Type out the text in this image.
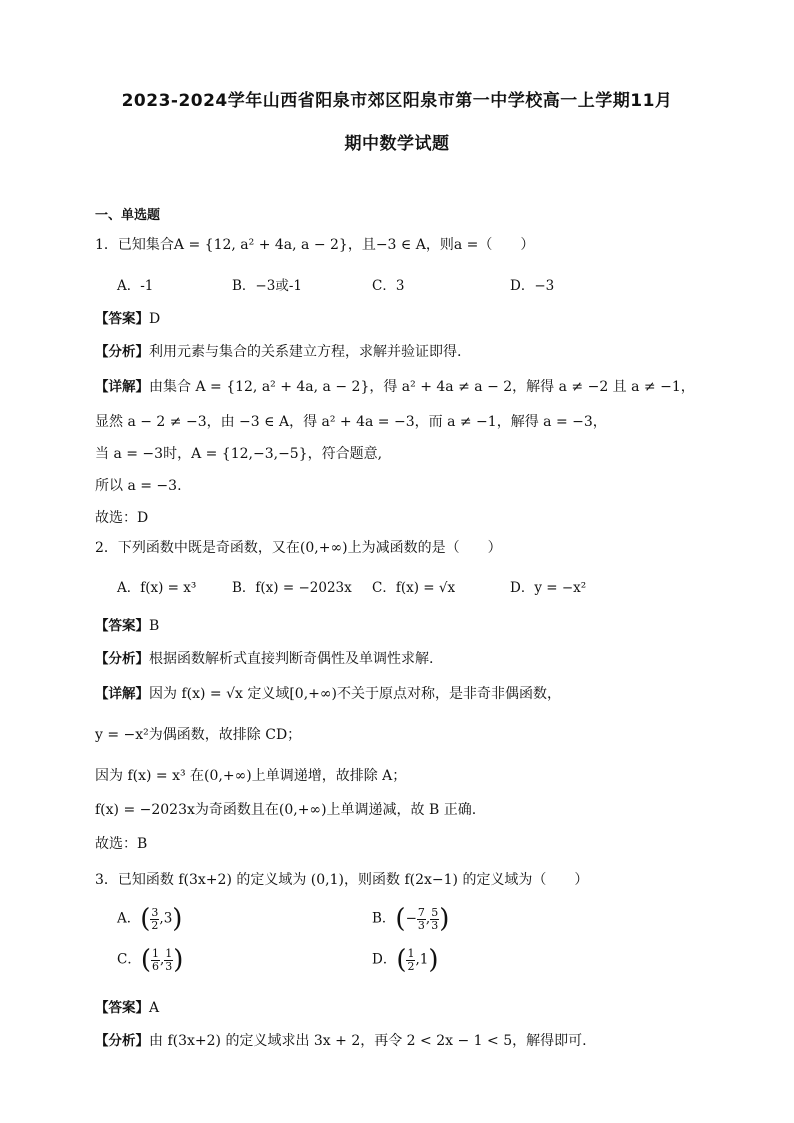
2023-2024学年山西省阳泉市郊区阳泉市第一中学校高一上学期11月
期中数学试题
一、单选题
1．已知集合A = {12, a² + 4a, a − 2}，且−3 ∈ A，则a =（　　）
A．-1	B．−3或-1	C．3	D．−3
【答案】D
【分析】利用元素与集合的关系建立方程，求解并验证即得.
【详解】由集合 A = {12, a² + 4a, a − 2}，得 a² + 4a ≠ a − 2，解得 a ≠ −2 且 a ≠ −1，
显然 a − 2 ≠ −3，由 −3 ∈ A，得 a² + 4a = −3，而 a ≠ −1，解得 a = −3，
当 a = −3时，A = {12,−3,−5}，符合题意,
所以 a = −3.
故选：D
2．下列函数中既是奇函数，又在(0,+∞)上为减函数的是（　　）
A．f(x) = x³	B．f(x) = −2023x C．f(x) = √x	D．y = −x²
【答案】B
【分析】根据函数解析式直接判断奇偶性及单调性求解.
【详解】因为 f(x) = √x 定义域[0,+∞)不关于原点对称，是非奇非偶函数，
y = −x²为偶函数，故排除 CD；
因为 f(x) = x³ 在(0,+∞)上单调递增，故排除 A；
f(x) = −2023x为奇函数且在(0,+∞)上单调递减，故 B 正确.
故选：B
3．已知函数 f(3x+2) 的定义域为 (0,1)，则函数 f(2x−1) 的定义域为（　　）
A．( $\frac{3}{2} ,3$)	B．(− $\frac{7}{3}$ , $\frac{5}{3}$ )
C．( $\frac{1}{6}$ , $\frac{1}{3}$ )	D．( $\frac{1}{2} ,1$)
【答案】A
【分析】由 f(3x+2) 的定义域求出 3x + 2，再令 2 < 2x − 1 < 5，解得即可.
